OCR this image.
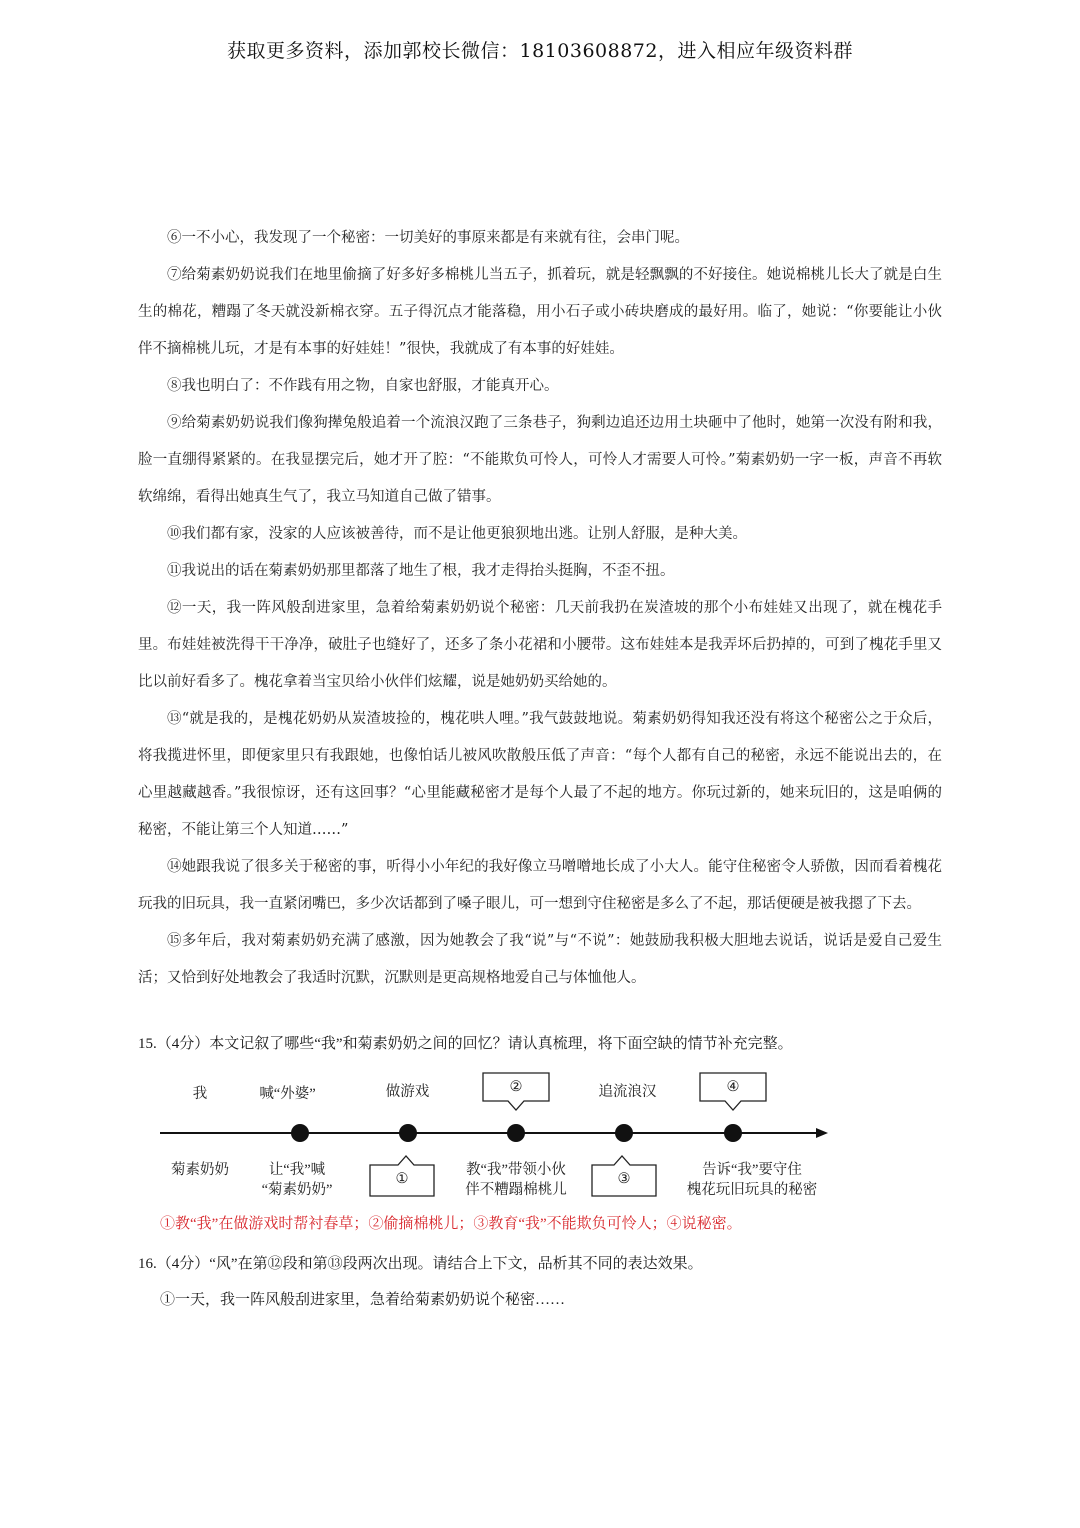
获取更多资料，添加郭校长微信：18103608872，进入相应年级资料群

⑥一不小心，我发现了一个秘密：一切美好的事原来都是有来就有往，会串门呢。

⑦给菊素奶奶说我们在地里偷摘了好多好多棉桃儿当五子，抓着玩，就是轻飘飘的不好接住。她说棉桃儿长大了就是白生生的棉花，糟蹋了冬天就没新棉衣穿。五子得沉点才能落稳，用小石子或小砖块磨成的最好用。临了，她说：“你要能让小伙伴不摘棉桃儿玩，才是有本事的好娃娃！”很快，我就成了有本事的好娃娃。

⑧我也明白了：不作践有用之物，自家也舒服，才能真开心。

⑨给菊素奶奶说我们像狗撵兔般追着一个流浪汉跑了三条巷子，狗剩边追还边用土块砸中了他时，她第一次没有附和我，脸一直绷得紧紧的。在我显摆完后，她才开了腔：“不能欺负可怜人，可怜人才需要人可怜。”菊素奶奶一字一板，声音不再软软绵绵，看得出她真生气了，我立马知道自己做了错事。

⑩我们都有家，没家的人应该被善待，而不是让他更狼狈地出逃。让别人舒服，是种大美。

⑪我说出的话在菊素奶奶那里都落了地生了根，我才走得抬头挺胸，不歪不扭。

⑫一天，我一阵风般刮进家里，急着给菊素奶奶说个秘密：几天前我扔在炭渣坡的那个小布娃娃又出现了，就在槐花手里。布娃娃被洗得干干净净，破肚子也缝好了，还多了条小花裙和小腰带。这布娃娃本是我弄坏后扔掉的，可到了槐花手里又比以前好看多了。槐花拿着当宝贝给小伙伴们炫耀，说是她奶奶买给她的。

⑬“就是我的，是槐花奶奶从炭渣坡捡的，槐花哄人哩。”我气鼓鼓地说。菊素奶奶得知我还没有将这个秘密公之于众后，将我揽进怀里，即便家里只有我跟她，也像怕话儿被风吹散般压低了声音：“每个人都有自己的秘密，永远不能说出去的，在心里越藏越香。”我很惊讶，还有这回事？“心里能藏秘密才是每个人最了不起的地方。你玩过新的，她来玩旧的，这是咱俩的秘密，不能让第三个人知道……”

⑭她跟我说了很多关于秘密的事，听得小小年纪的我好像立马噌噌地长成了小大人。能守住秘密令人骄傲，因而看着槐花玩我的旧玩具，我一直紧闭嘴巴，多少次话都到了嗓子眼儿，可一想到守住秘密是多么了不起，那话便硬是被我摁了下去。

⑮多年后，我对菊素奶奶充满了感激，因为她教会了我“说”与“不说”：她鼓励我积极大胆地去说话，说话是爱自己爱生活；又恰到好处地教会了我适时沉默，沉默则是更高规格地爱自己与体恤他人。

15.（4分）本文记叙了哪些“我”和菊素奶奶之间的回忆？请认真梳理，将下面空缺的情节补充完整。
我
菊素奶奶
喊“外婆”	做游戏	②	追流浪汉	④
让“我”喊
“菊素奶奶”
①
教“我”带领小伙
伴不糟蹋棉桃儿
③
告诉“我”要守住
槐花玩旧玩具的秘密
①教“我”在做游戏时帮衬春草；②偷摘棉桃儿；③教育“我”不能欺负可怜人；④说秘密。
16.（4分）“风”在第⑫段和第⑬段两次出现。请结合上下文，品析其不同的表达效果。
①一天，我一阵风般刮进家里，急着给菊素奶奶说个秘密……
